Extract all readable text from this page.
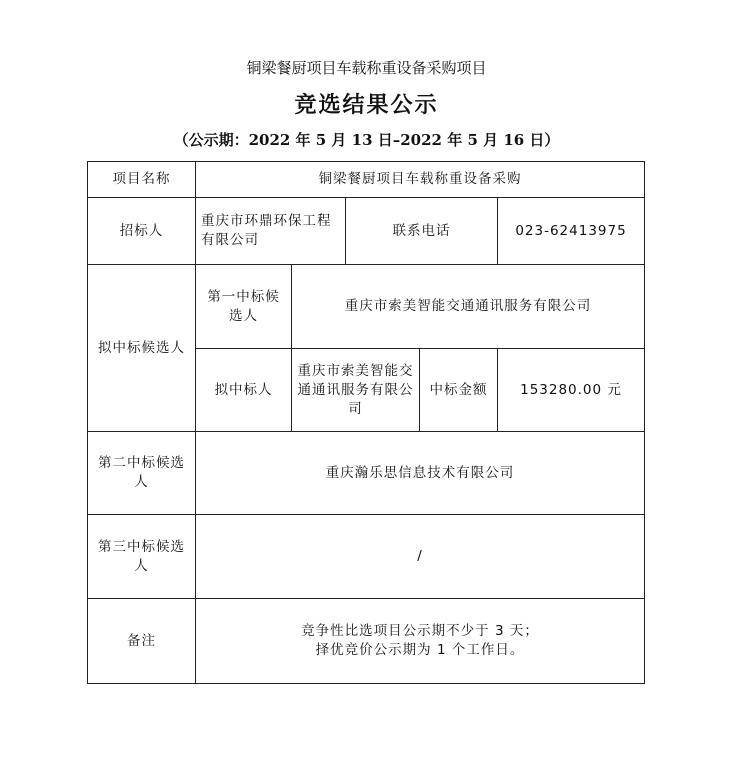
铜梁餐厨项目车载称重设备采购项目
竞选结果公示
（公示期：2022 年 5 月 13 日–2022 年 5 月 16 日）
项目名称	铜梁餐厨项目车载称重设备采购				
招标人	重庆市环鼎环保工程有限公司		联系电话		023-62413975
拟中标候选人	第一中标候选人	重庆市索美智能交通通讯服务有限公司			
	拟中标人	重庆市索美智能交通通讯服务有限公司		中标金额	153280.00 元
第二中标候选人	重庆瀚乐思信息技术有限公司				
第三中标候选人	/				
备注	竞争性比选项目公示期不少于 3 天；
择优竞价公示期为 1 个工作日。				
